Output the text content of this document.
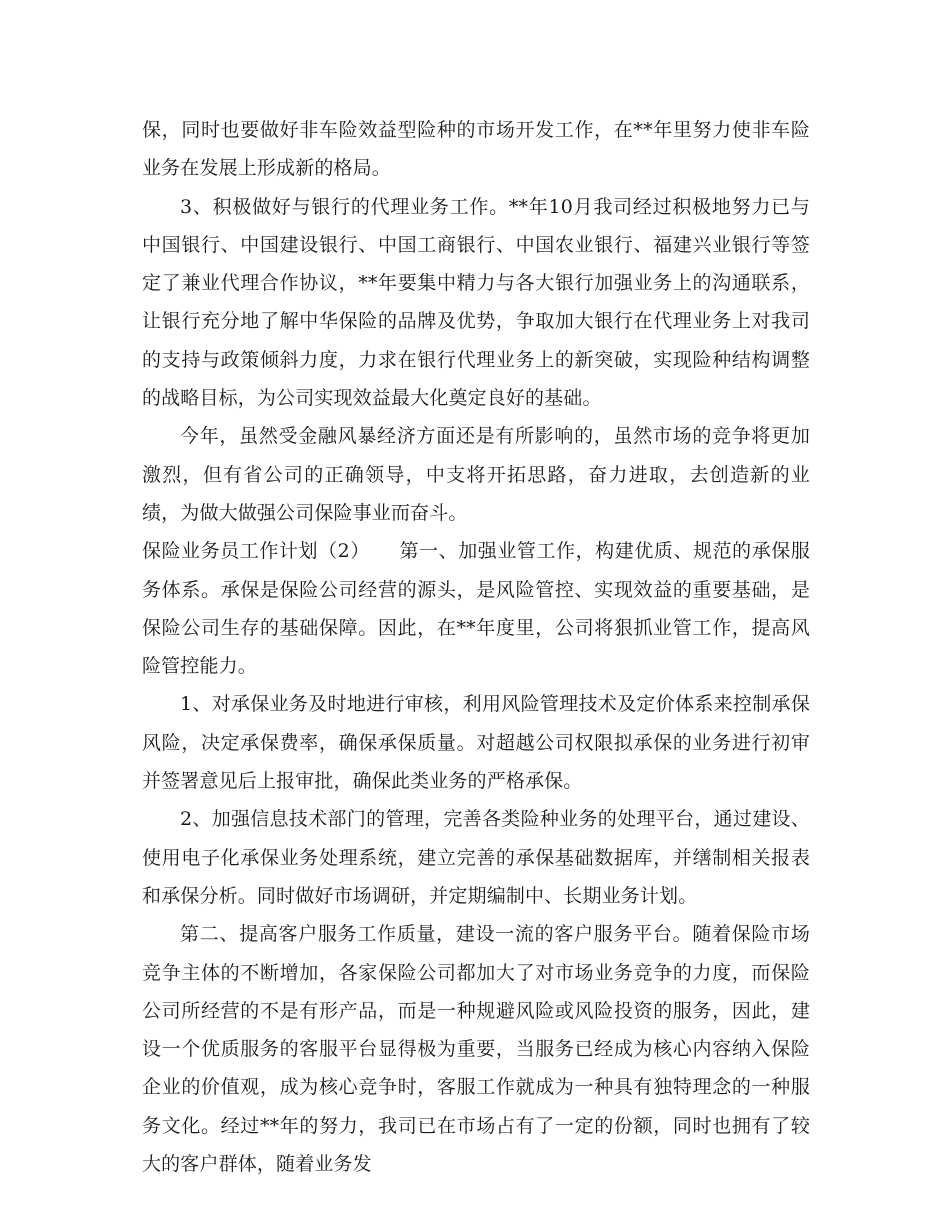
保，同时也要做好非车险效益型险种的市场开发工作，在**年里努力使非车险业务在发展上形成新的格局。

3、积极做好与银行的代理业务工作。**年10月我司经过积极地努力已与中国银行、中国建设银行、中国工商银行、中国农业银行、福建兴业银行等签定了兼业代理合作协议，**年要集中精力与各大银行加强业务上的沟通联系，让银行充分地了解中华保险的品牌及优势，争取加大银行在代理业务上对我司的支持与政策倾斜力度，力求在银行代理业务上的新突破，实现险种结构调整的战略目标，为公司实现效益最大化奠定良好的基础。

今年，虽然受金融风暴经济方面还是有所影响的，虽然市场的竞争将更加激烈，但有省公司的正确领导，中支将开拓思路，奋力进取，去创造新的业绩，为做大做强公司保险事业而奋斗。

保险业务员工作计划（2）　　第一、加强业管工作，构建优质、规范的承保服务体系。承保是保险公司经营的源头，是风险管控、实现效益的重要基础，是保险公司生存的基础保障。因此，在**年度里，公司将狠抓业管工作，提高风险管控能力。

1、对承保业务及时地进行审核，利用风险管理技术及定价体系来控制承保风险，决定承保费率，确保承保质量。对超越公司权限拟承保的业务进行初审并签署意见后上报审批，确保此类业务的严格承保。

2、加强信息技术部门的管理，完善各类险种业务的处理平台，通过建设、使用电子化承保业务处理系统，建立完善的承保基础数据库，并缮制相关报表和承保分析。同时做好市场调研，并定期编制中、长期业务计划。

第二、提高客户服务工作质量，建设一流的客户服务平台。随着保险市场竞争主体的不断增加，各家保险公司都加大了对市场业务竞争的力度，而保险公司所经营的不是有形产品，而是一种规避风险或风险投资的服务，因此，建设一个优质服务的客服平台显得极为重要，当服务已经成为核心内容纳入保险企业的价值观，成为核心竞争时，客服工作就成为一种具有独特理念的一种服务文化。经过**年的努力，我司已在市场占有了一定的份额，同时也拥有了较大的客户群体，随着业务发
